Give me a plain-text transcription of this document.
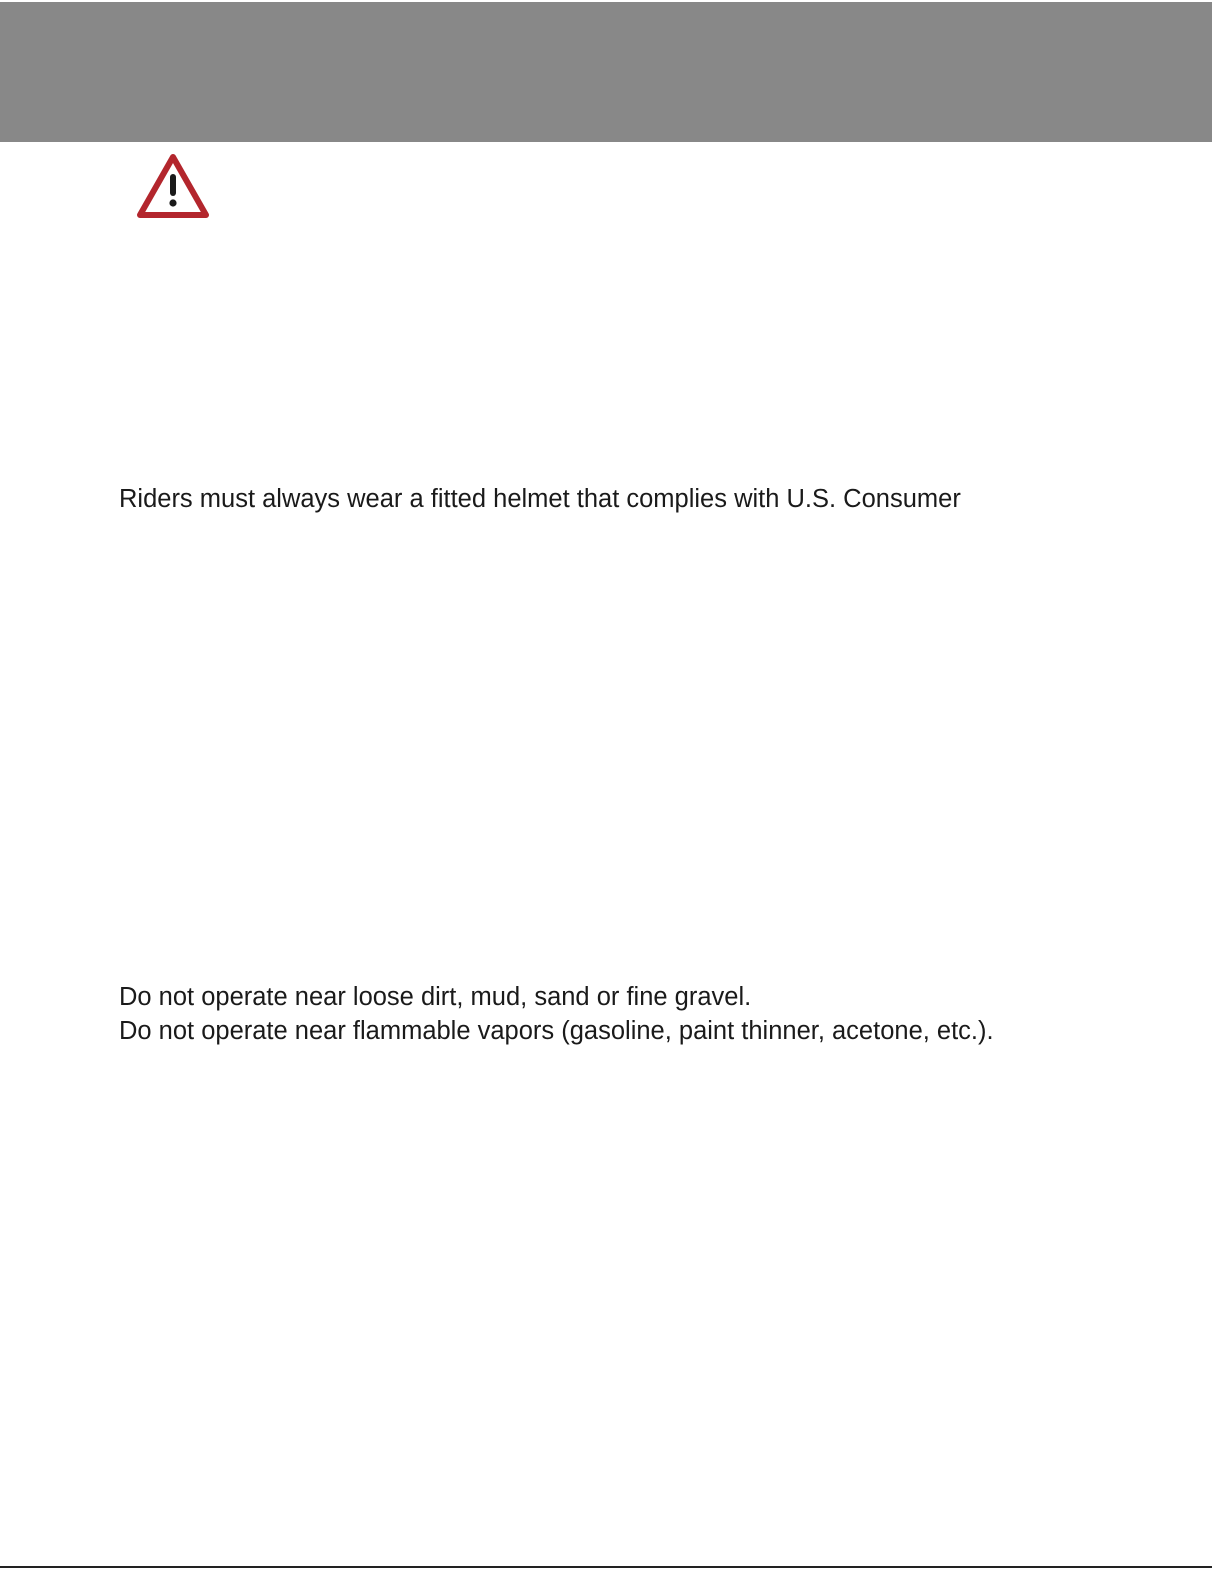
Riders must always wear a fitted helmet that complies with U.S. Consumer
Do not operate near loose dirt, mud, sand or fine gravel.
Do not operate near flammable vapors (gasoline, paint thinner, acetone, etc.).
